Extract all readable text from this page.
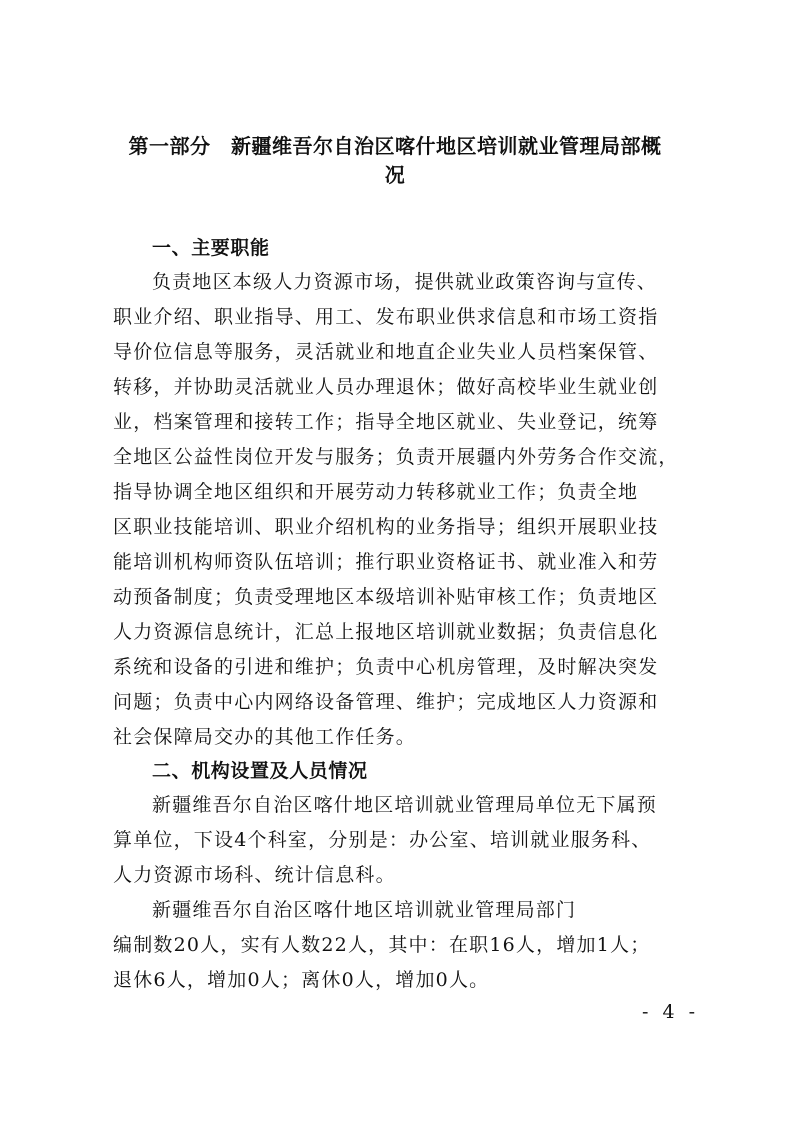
第一部分　新疆维吾尔自治区喀什地区培训就业管理局部概
况
一、主要职能
负责地区本级人力资源市场，提供就业政策咨询与宣传、
职业介绍、职业指导、用工、发布职业供求信息和市场工资指
导价位信息等服务，灵活就业和地直企业失业人员档案保管、
转移，并协助灵活就业人员办理退休；做好高校毕业生就业创
业，档案管理和接转工作；指导全地区就业、失业登记，统筹
全地区公益性岗位开发与服务；负责开展疆内外劳务合作交流，
指导协调全地区组织和开展劳动力转移就业工作；负责全地
区职业技能培训、职业介绍机构的业务指导；组织开展职业技
能培训机构师资队伍培训；推行职业资格证书、就业准入和劳
动预备制度；负责受理地区本级培训补贴审核工作；负责地区
人力资源信息统计，汇总上报地区培训就业数据；负责信息化
系统和设备的引进和维护；负责中心机房管理，及时解决突发
问题；负责中心内网络设备管理、维护；完成地区人力资源和
社会保障局交办的其他工作任务。
二、机构设置及人员情况
新疆维吾尔自治区喀什地区培训就业管理局单位无下属预
算单位，下设4个科室，分别是：办公室、培训就业服务科、
人力资源市场科、统计信息科。
新疆维吾尔自治区喀什地区培训就业管理局部门
编制数20人，实有人数22人，其中：在职16人，增加1人；
退休6人，增加0人；离休0人，增加0人。
- 4 -
